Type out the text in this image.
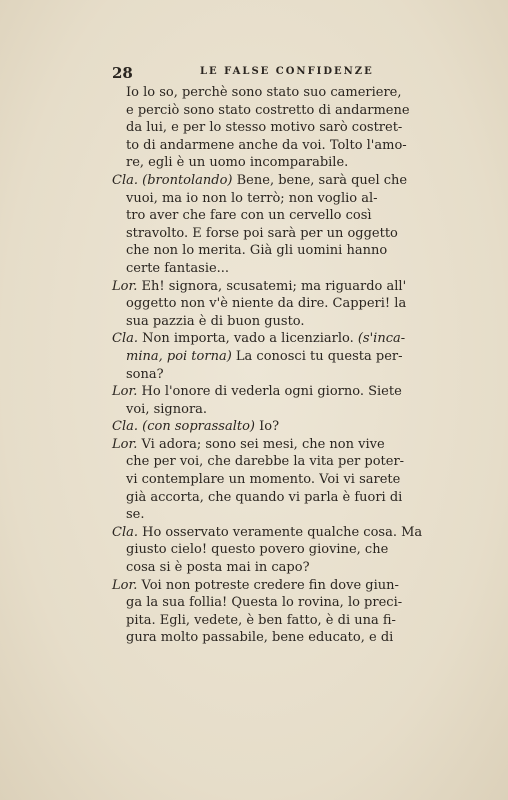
28	LE FALSE CONFIDENZE
Io lo so, perchè sono stato suo cameriere,
e perciò sono stato costretto di andarmene
da lui, e per lo stesso motivo sarò costret-
to di andarmene anche da voi. Tolto l'amo-
re, egli è un uomo incomparabile.
Cla. (brontolando) Bene, bene, sarà quel che
vuoi, ma io non lo terrò; non voglio al-
tro aver che fare con un cervello così
stravolto. E forse poi sarà per un oggetto
che non lo merita. Già gli uomini hanno
certe fantasie...
Lor. Eh! signora, scusatemi; ma riguardo all'
oggetto non v'è niente da dire. Capperi! la
sua pazzia è di buon gusto.
Cla. Non importa, vado a licenziarlo. (s'inca-
mina, poi torna) La conosci tu questa per-
sona?
Lor. Ho l'onore di vederla ogni giorno. Siete
voi, signora.
Cla. (con soprassalto) Io?
Lor. Vi adora; sono sei mesi, che non vive
che per voi, che darebbe la vita per poter-
vi contemplare un momento. Voi vi sarete
già accorta, che quando vi parla è fuori di
se.
Cla. Ho osservato veramente qualche cosa. Ma
giusto cielo! questo povero giovine, che
cosa si è posta mai in capo?
Lor. Voi non potreste credere fin dove giun-
ga la sua follia! Questa lo rovina, lo preci-
pita. Egli, vedete, è ben fatto, è di una fi-
gura molto passabile, bene educato, e di
